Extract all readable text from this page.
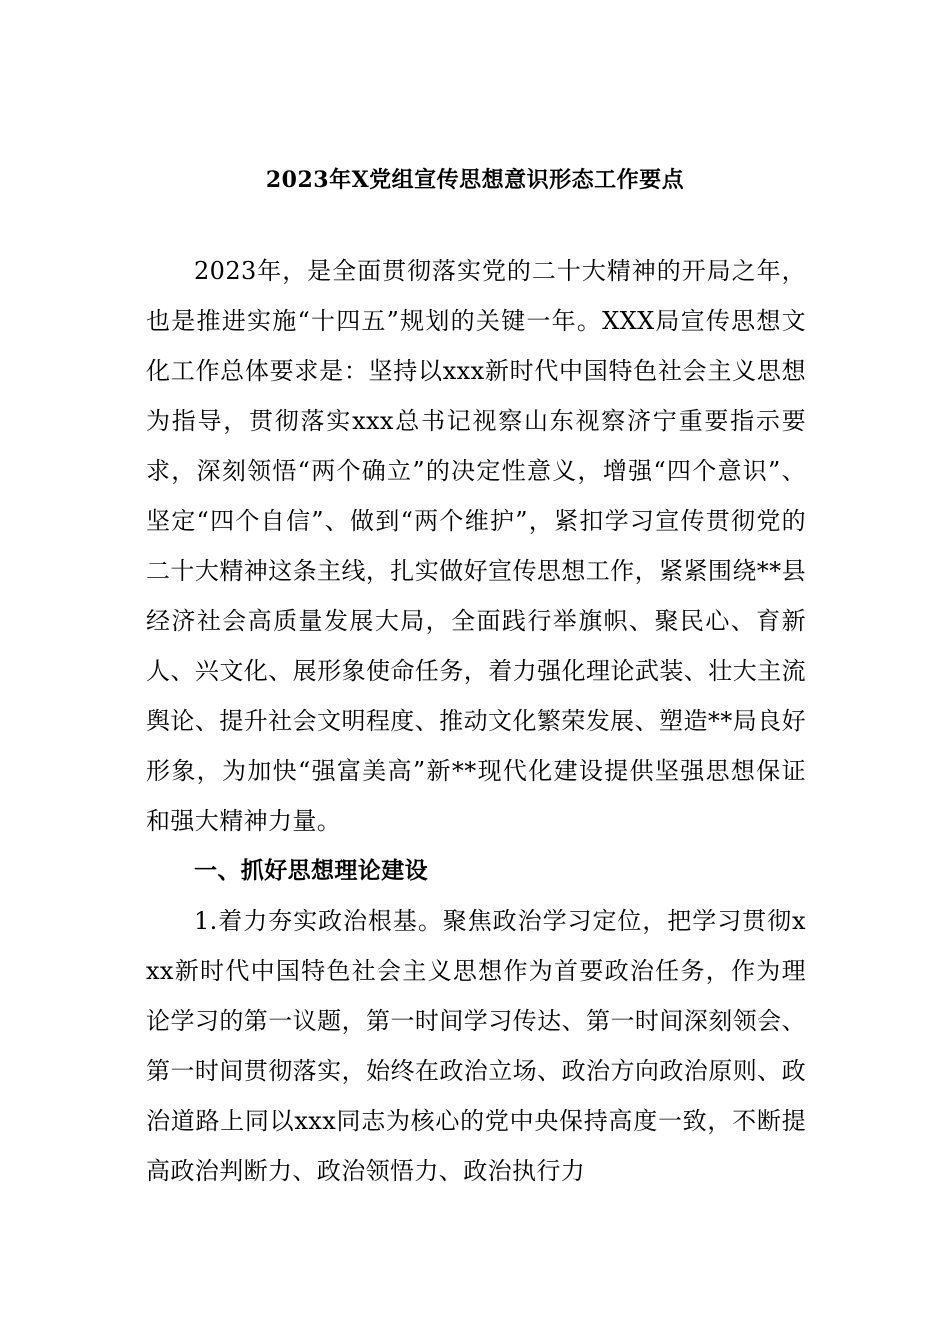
2023年X党组宣传思想意识形态工作要点

2023年，是全面贯彻落实党的二十大精神的开局之年，也是推进实施“十四五”规划的关键一年。XXX局宣传思想文化工作总体要求是：坚持以xxx新时代中国特色社会主义思想为指导，贯彻落实xxx总书记视察山东视察济宁重要指示要求，深刻领悟“两个确立”的决定性意义，增强“四个意识”、坚定“四个自信”、做到“两个维护”，紧扣学习宣传贯彻党的二十大精神这条主线，扎实做好宣传思想工作，紧紧围绕**县经济社会高质量发展大局，全面践行举旗帜、聚民心、育新人、兴文化、展形象使命任务，着力强化理论武装、壮大主流舆论、提升社会文明程度、推动文化繁荣发展、塑造**局良好形象，为加快“强富美高”新**现代化建设提供坚强思想保证和强大精神力量。

一、抓好思想理论建设

1.着力夯实政治根基。聚焦政治学习定位，把学习贯彻xxx新时代中国特色社会主义思想作为首要政治任务，作为理论学习的第一议题，第一时间学习传达、第一时间深刻领会、第一时间贯彻落实，始终在政治立场、政治方向政治原则、政治道路上同以xxx同志为核心的党中央保持高度一致，不断提高政治判断力、政治领悟力、政治执行力
